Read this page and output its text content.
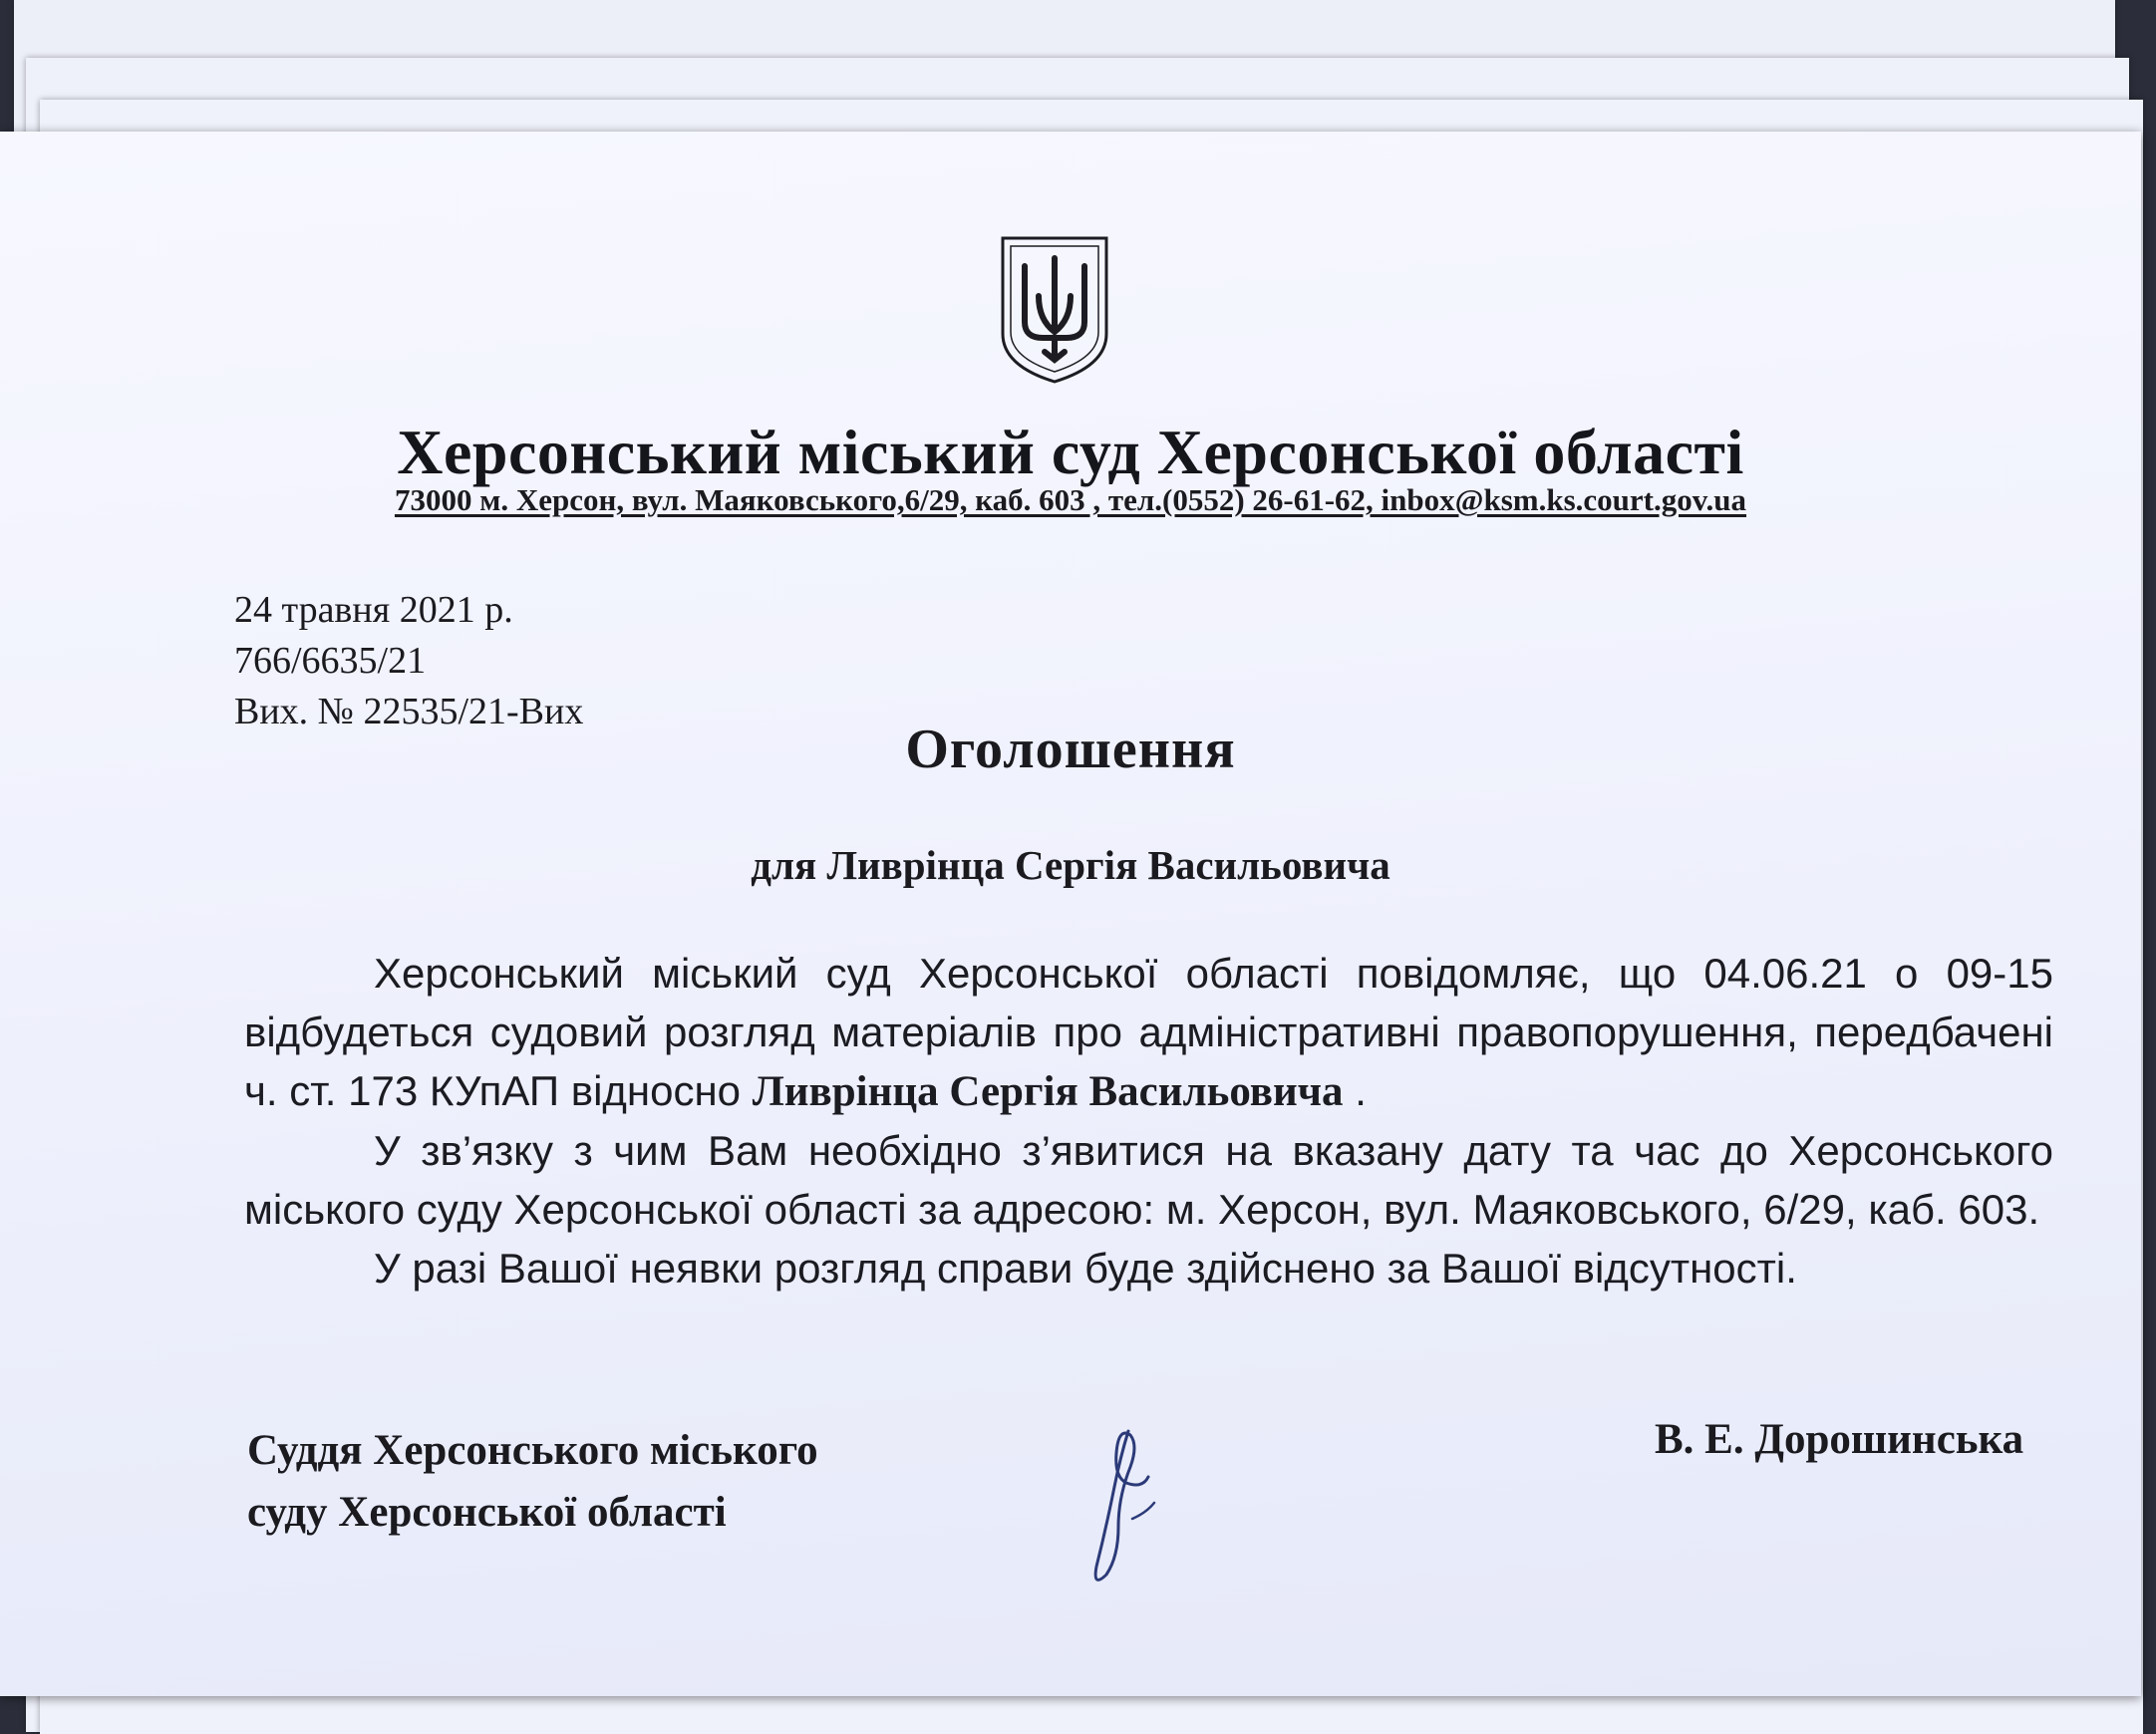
Херсонський міський суд Херсонської області
73000 м. Херсон, вул. Маяковського,6/29, каб. 603 , тел.(0552) 26-61-62, inbox@ksm.ks.court.gov.ua
24 травня 2021 р.
766/6635/21
Вих. № 22535/21-Вих
Оголошення
для Ливрінца Сергія Васильовича

Херсонський міський суд Херсонської області повідомляє, що 04.06.21 о 09-15 відбудеться судовий розгляд матеріалів про адміністративні правопорушення, передбачені ч. ст. 173 КУпАП відносно Ливрінца Сергія Васильовича .

У зв’язку з чим Вам необхідно з’явитися на вказану дату та час до Херсонського міського суду Херсонської області за адресою: м. Херсон, вул. Маяковського, 6/29, каб. 603.

У разі Вашої неявки розгляд справи буде здійснено за Вашої відсутності.

Суддя Херсонського міського
суду Херсонської області
В. Е. Дорошинська
